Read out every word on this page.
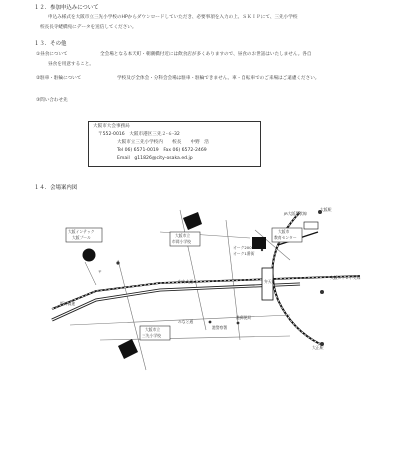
１２．参加申込みについて
申込み様式を大阪市立三先小学校のHPからダウンロードしていただき、必要事項を入力の上、ＳＫＩＰにて、三先小学校
校長長寺蛯橋宛にデータを送信してください。
１３．その他
①昼食について	全会場となる本天町・朝潮橋付近には飲食店が多くありますので、昼食のお世話はいたしません。各自
昼食を用意すること。
②駐車・駐輪について	学校及び全体会・分科会会場は駐車・駐輪できません。車・自転車でのご来場はご遠慮ください。
③問い合わせ先
大阪市大会事務局
〒552-0016　大阪市港区三先２-６-32
大阪市立三先小学校内　　校長　　中野　浩
Tel 06) 6571-0019　Fax 06) 6572-2469
Email　g11826@city-osaka.ed.jp
１４．会場案内図
大阪インテック
大阪プール	大阪市立
市岡小学校
大阪市立
三先小学校
大阪市
教育センター
大阪駅
大阪メトロ中央線
大正駅
中央大通
みなと通
阪神高速
オーク200
オーク1番街
港警察署
港郵便局
JR大阪環状線
弁天町
〒
